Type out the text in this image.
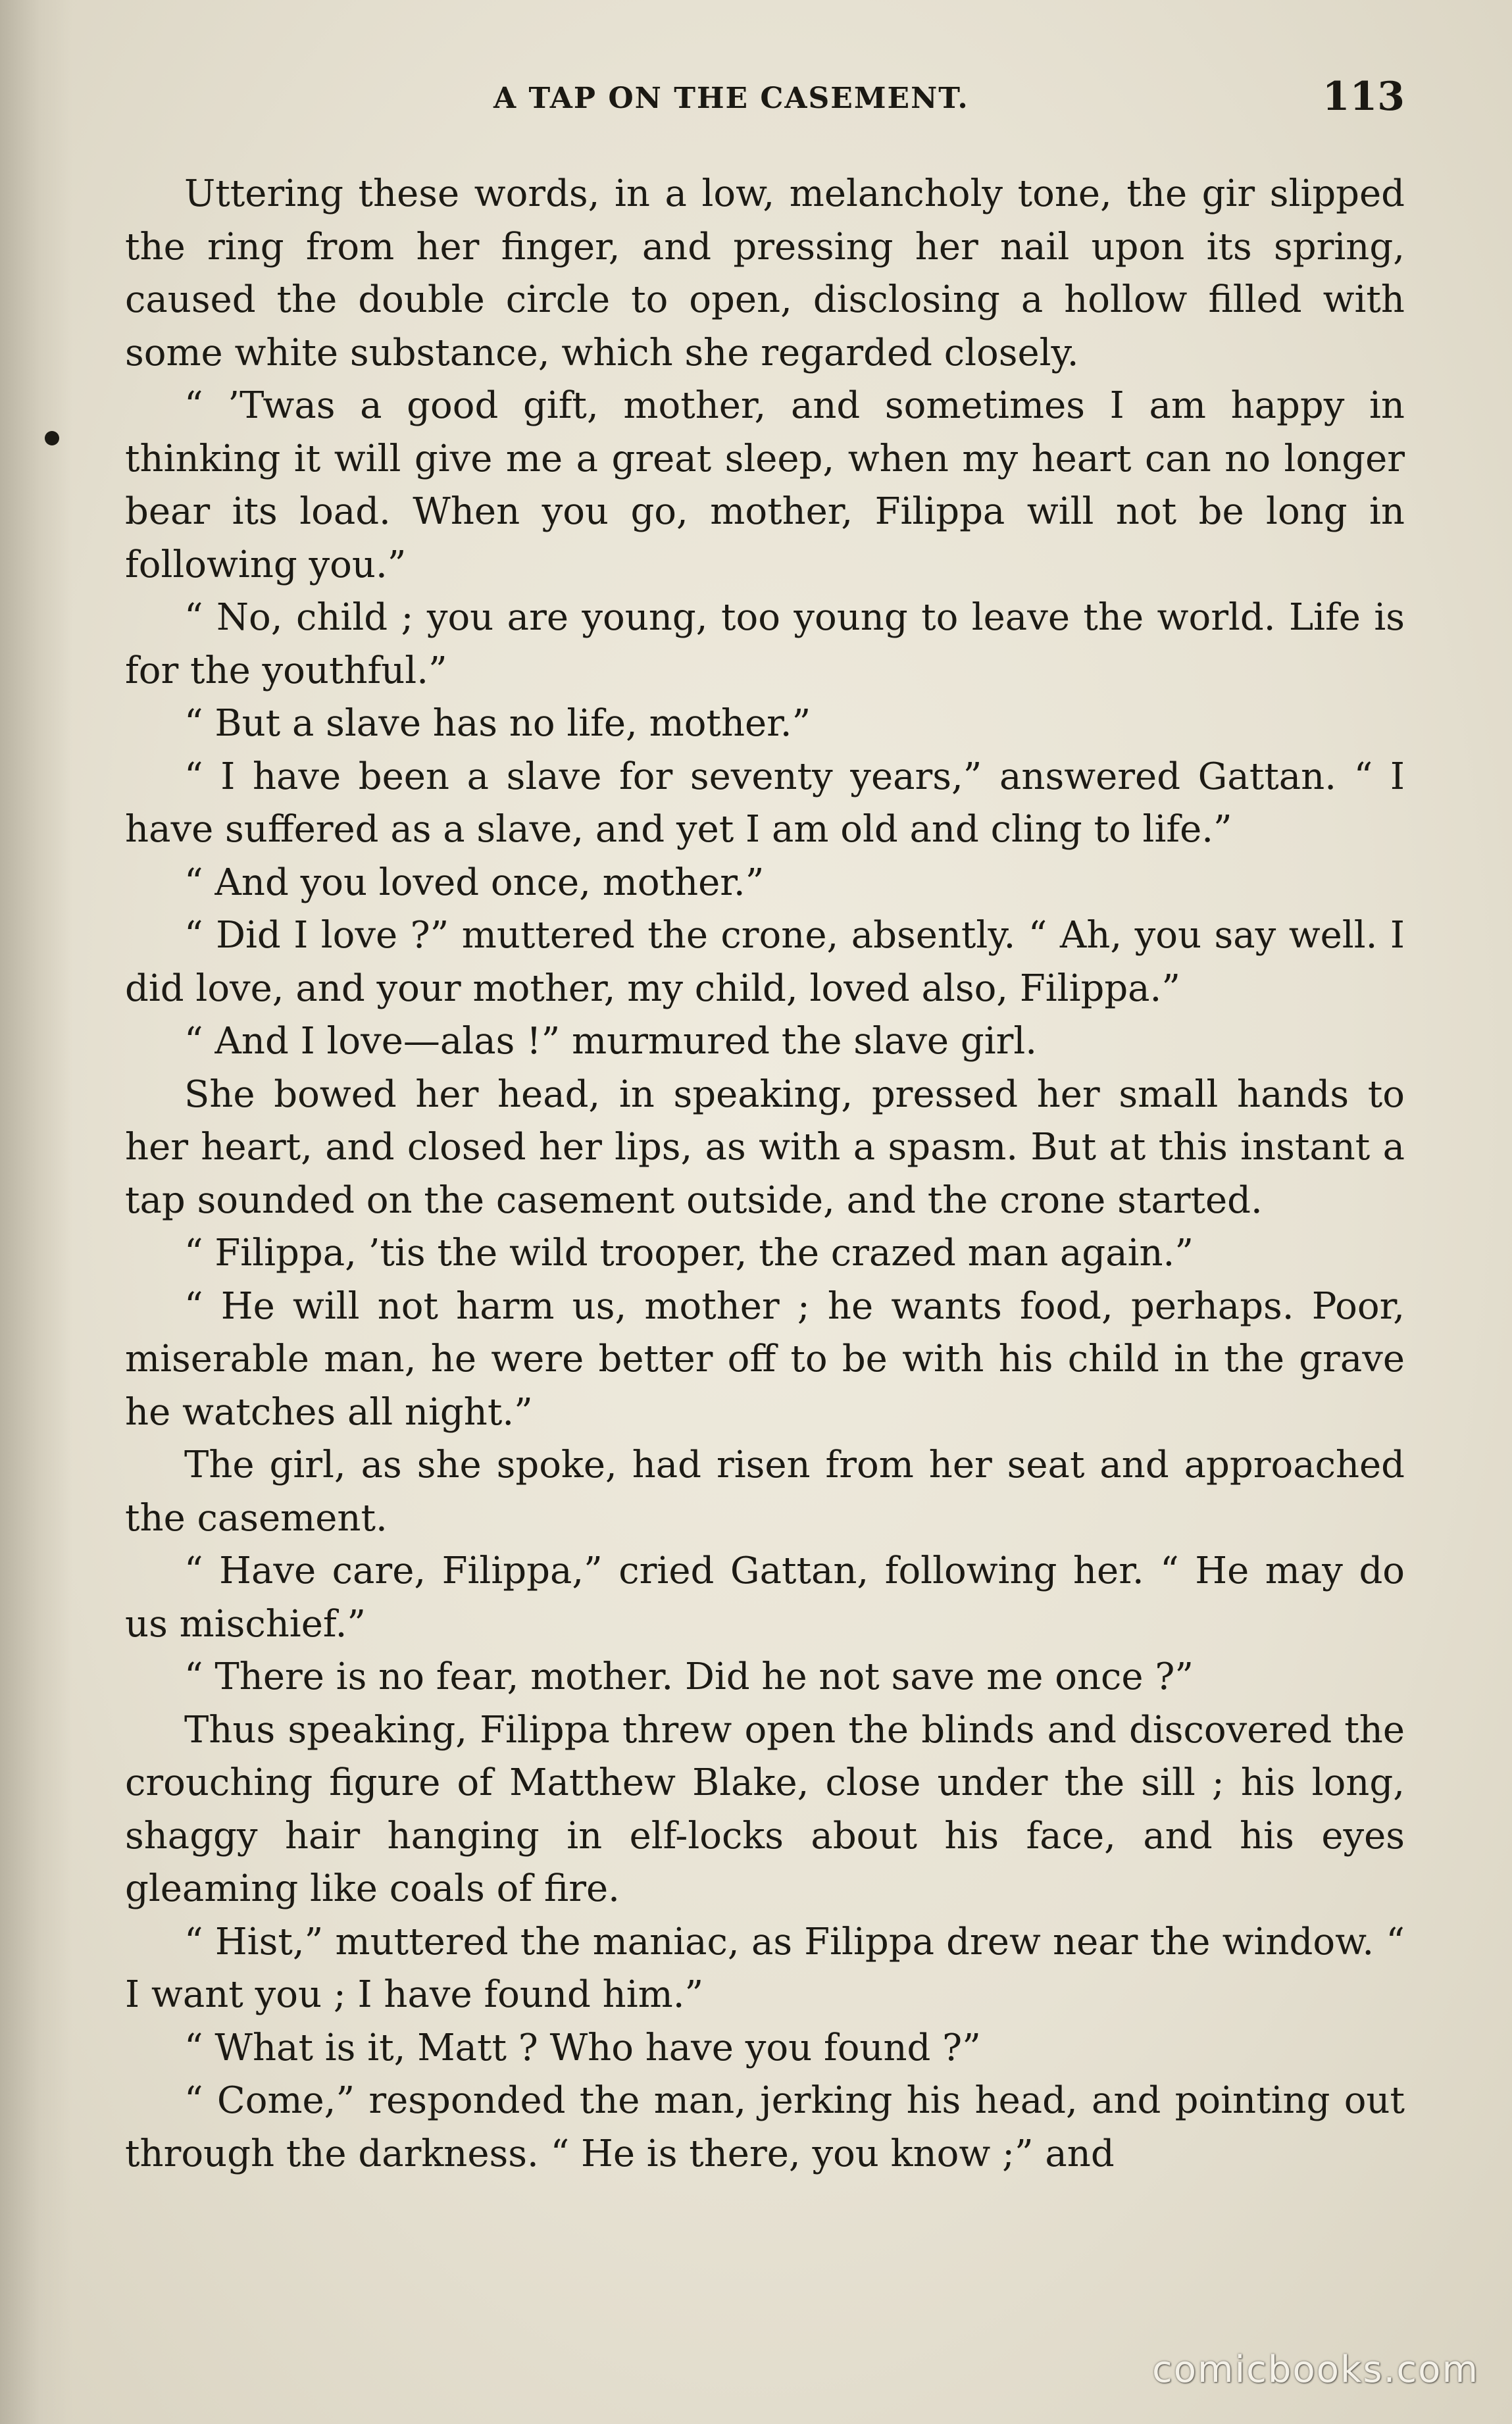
A TAP ON THE CASEMENT.	113

Uttering these words, in a low, melancholy tone, the gir slipped the ring from her finger, and pressing her nail upon its spring, caused the double circle to open, disclosing a hollow filled with some white substance, which she regarded closely.

“ ’Twas a good gift, mother, and sometimes I am happy in thinking it will give me a great sleep, when my heart can no longer bear its load. When you go, mother, Filippa will not be long in following you.”

“ No, child ; you are young, too young to leave the world. Life is for the youthful.”

“ But a slave has no life, mother.”

“ I have been a slave for seventy years,” answered Gattan. “ I have suffered as a slave, and yet I am old and cling to life.”

“ And you loved once, mother.”

“ Did I love ?” muttered the crone, absently. “ Ah, you say well. I did love, and your mother, my child, loved also, Filippa.”

“ And I love—alas !” murmured the slave girl.

She bowed her head, in speaking, pressed her small hands to her heart, and closed her lips, as with a spasm. But at this instant a tap sounded on the casement outside, and the crone started.

“ Filippa, ’tis the wild trooper, the crazed man again.”

“ He will not harm us, mother ; he wants food, perhaps. Poor, miserable man, he were better off to be with his child in the grave he watches all night.”

The girl, as she spoke, had risen from her seat and approached the casement.

“ Have care, Filippa,” cried Gattan, following her. “ He may do us mischief.”

“ There is no fear, mother. Did he not save me once ?”

Thus speaking, Filippa threw open the blinds and discovered the crouching figure of Matthew Blake, close under the sill ; his long, shaggy hair hanging in elf-locks about his face, and his eyes gleaming like coals of fire.

“ Hist,” muttered the maniac, as Filippa drew near the window. “ I want you ; I have found him.”

“ What is it, Matt ? Who have you found ?”

“ Come,” responded the man, jerking his head, and pointing out through the darkness. “ He is there, you know ;” and

comicbooks.com
